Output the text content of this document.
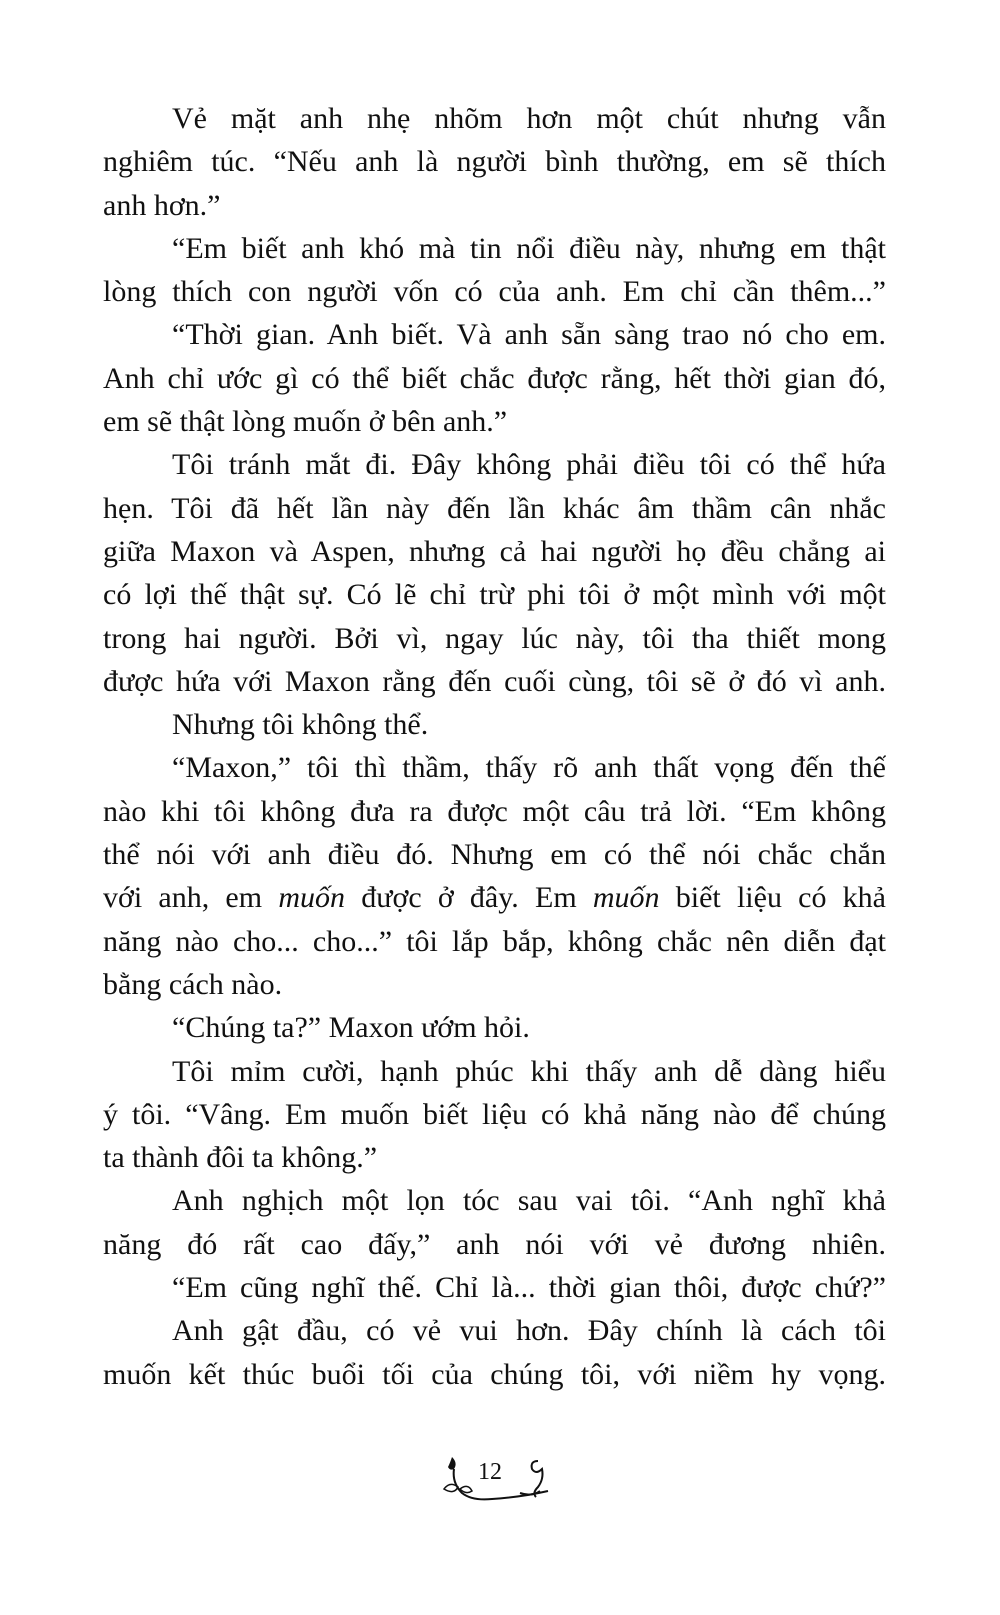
Vẻ mặt anh nhẹ nhõm hơn một chút nhưng vẫn
nghiêm túc. “Nếu anh là người bình thường, em sẽ thích
anh hơn.”
“Em biết anh khó mà tin nổi điều này, nhưng em thật
lòng thích con người vốn có của anh. Em chỉ cần thêm...”
“Thời gian. Anh biết. Và anh sẵn sàng trao nó cho em.
Anh chỉ ước gì có thể biết chắc được rằng, hết thời gian đó,
em sẽ thật lòng muốn ở bên anh.”
Tôi tránh mắt đi. Đây không phải điều tôi có thể hứa
hẹn. Tôi đã hết lần này đến lần khác âm thầm cân nhắc
giữa Maxon và Aspen, nhưng cả hai người họ đều chẳng ai
có lợi thế thật sự. Có lẽ chỉ trừ phi tôi ở một mình với một
trong hai người. Bởi vì, ngay lúc này, tôi tha thiết mong
được hứa với Maxon rằng đến cuối cùng, tôi sẽ ở đó vì anh.
Nhưng tôi không thể.
“Maxon,” tôi thì thầm, thấy rõ anh thất vọng đến thế
nào khi tôi không đưa ra được một câu trả lời. “Em không
thể nói với anh điều đó. Nhưng em có thể nói chắc chắn
với anh, em muốn được ở đây. Em muốn biết liệu có khả
năng nào cho... cho...” tôi lắp bắp, không chắc nên diễn đạt
bằng cách nào.
“Chúng ta?” Maxon ướm hỏi.
Tôi mỉm cười, hạnh phúc khi thấy anh dễ dàng hiểu
ý tôi. “Vâng. Em muốn biết liệu có khả năng nào để chúng
ta thành đôi ta không.”
Anh nghịch một lọn tóc sau vai tôi. “Anh nghĩ khả
năng đó rất cao đấy,” anh nói với vẻ đương nhiên.
“Em cũng nghĩ thế. Chỉ là... thời gian thôi, được chứ?”
Anh gật đầu, có vẻ vui hơn. Đây chính là cách tôi
muốn kết thúc buổi tối của chúng tôi, với niềm hy vọng.
12
